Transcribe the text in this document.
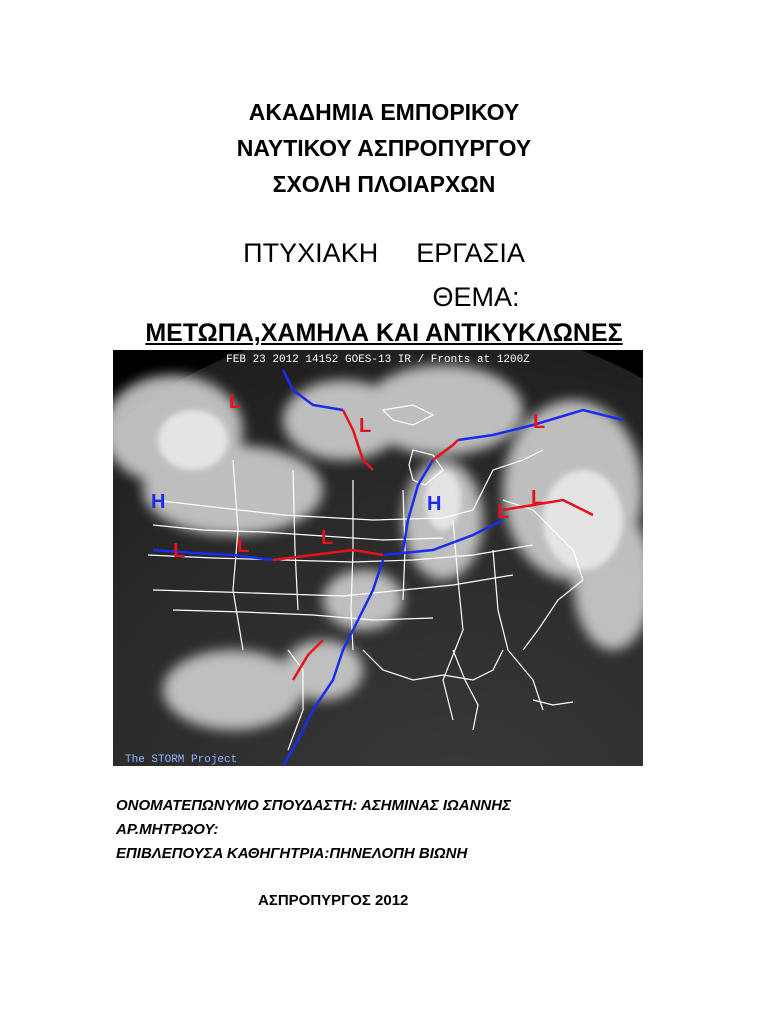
ΑΚΑΔΗΜΙΑ ΕΜΠΟΡΙΚΟΥ
ΝΑΥΤΙΚΟΥ ΑΣΠΡΟΠΥΡΓΟΥ
ΣΧΟΛΗ ΠΛΟΙΑΡΧΩΝ
ΠΤΥΧΙΑΚΗ ΕΡΓΑΣΙΑ
ΘΕΜΑ:
ΜΕΤΩΠΑ,ΧΑΜΗΛΑ ΚΑΙ ΑΝΤΙΚΥΚΛΩΝΕΣ
L
L
H
L	L	L
H	L
L
L
FEB 23 2012 14152 GOES-13 IR / Fronts at 1200Z
The STORM Project
ΟΝΟΜΑΤΕΠΩΝΥΜΟ ΣΠΟΥΔΑΣΤΗ: ΑΣΗΜΙΝΑΣ ΙΩΑΝΝΗΣ
ΑΡ.ΜΗΤΡΩΟΥ:
ΕΠΙΒΛΕΠΟΥΣΑ ΚΑΘΗΓΗΤΡΙΑ:ΠΗΝΕΛΟΠΗ ΒΙΩΝΗ
ΑΣΠΡΟΠΥΡΓΟΣ 2012
